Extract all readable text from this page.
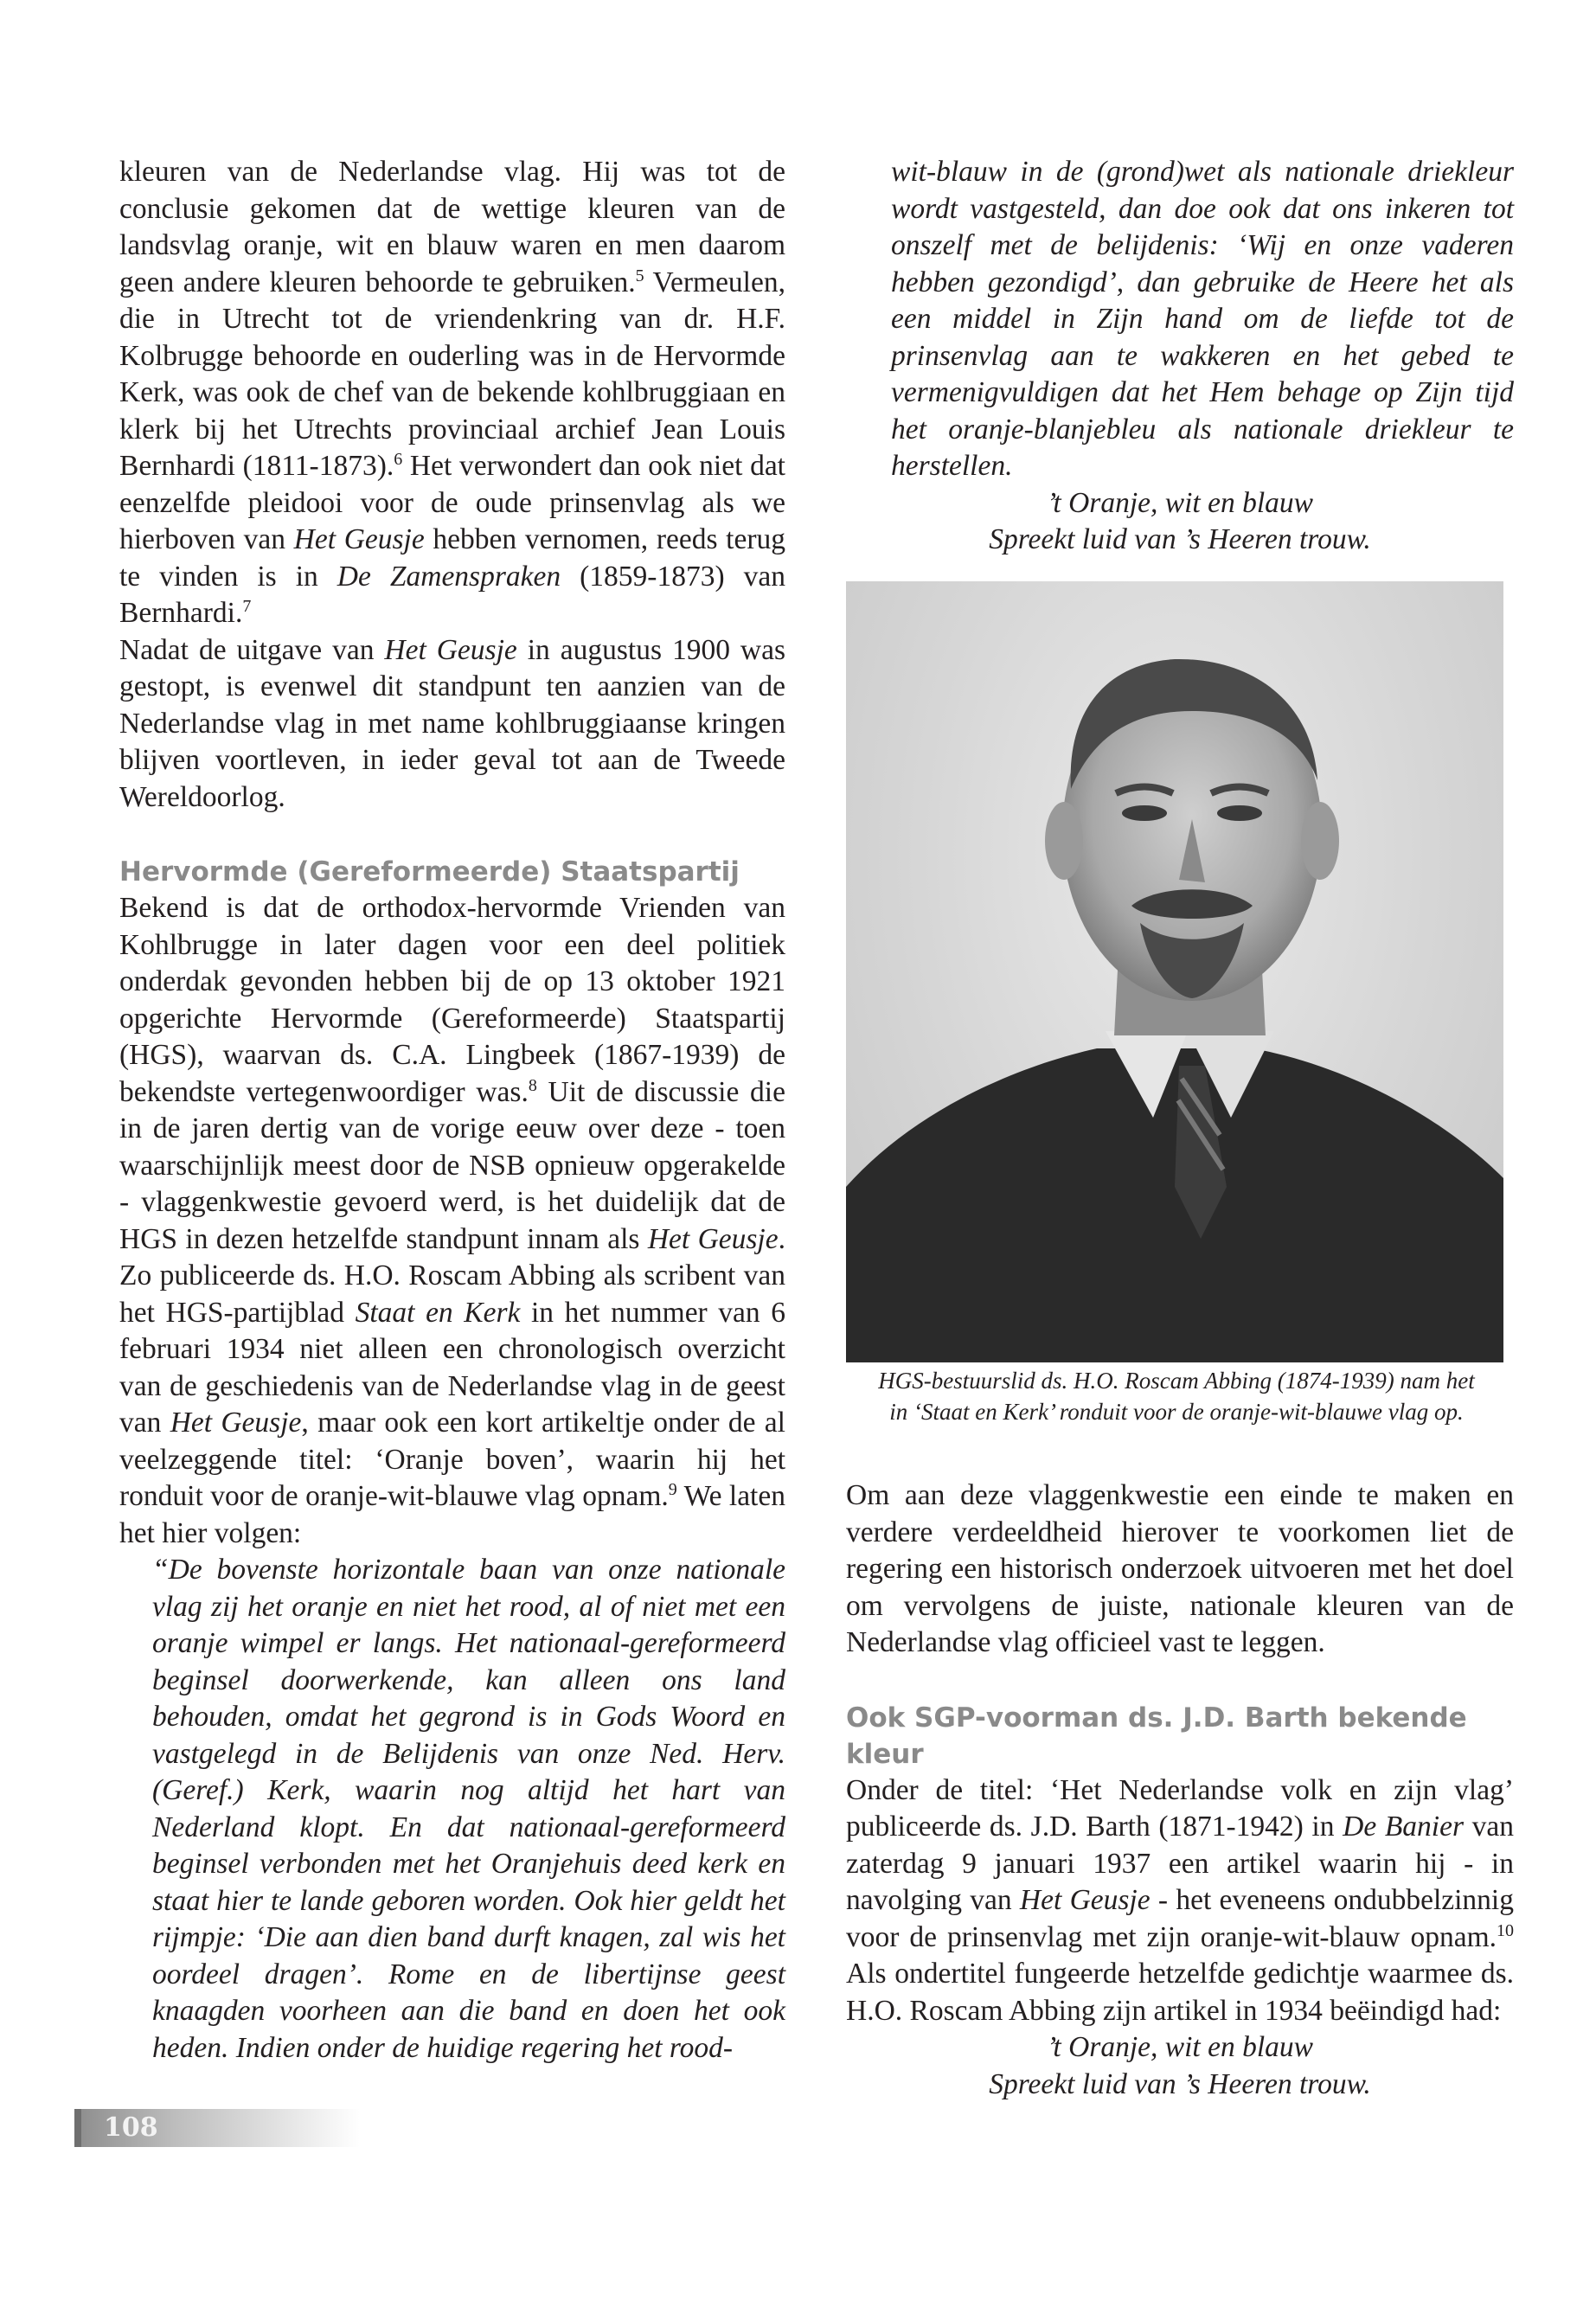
kleuren van de Nederlandse vlag. Hij was tot de conclusie gekomen dat de wettige kleuren van de landsvlag oranje, wit en blauw waren en men daarom geen andere kleuren behoorde te gebruiken.$^5$ Vermeulen, die in Utrecht tot de vriendenkring van dr. H.F. Kolbrugge behoorde en ouderling was in de Hervormde Kerk, was ook de chef van de bekende kohlbruggiaan en klerk bij het Utrechts provinciaal archief Jean Louis Bernhardi (1811-1873).$^6$ Het verwondert dan ook niet dat eenzelfde pleidooi voor de oude prinsenvlag als we hierboven van Het Geusje hebben vernomen, reeds terug te vinden is in De Zamenspraken (1859-1873) van Bernhardi.$^7$

Nadat de uitgave van Het Geusje in augustus 1900 was gestopt, is evenwel dit standpunt ten aanzien van de Nederlandse vlag in met name kohlbruggiaanse kringen blijven voortleven, in ieder geval tot aan de Tweede Wereldoorlog.

Hervormde (Gereformeerde) Staatspartij

Bekend is dat de orthodox-hervormde Vrienden van Kohlbrugge in later dagen voor een deel politiek onderdak gevonden hebben bij de op 13 oktober 1921 opgerichte Hervormde (Gereformeerde) Staatspartij (HGS), waarvan ds. C.A. Lingbeek (1867-1939) de bekendste vertegenwoordiger was.$^8$ Uit de discussie die in de jaren dertig van de vorige eeuw over deze - toen waarschijnlijk meest door de NSB opnieuw opgerakelde - vlaggenkwestie gevoerd werd, is het duidelijk dat de HGS in dezen hetzelfde standpunt innam als Het Geusje. Zo publiceerde ds. H.O. Roscam Abbing als scribent van het HGS-partijblad Staat en Kerk in het nummer van 6 februari 1934 niet alleen een chronologisch overzicht van de geschiedenis van de Nederlandse vlag in de geest van Het Geusje, maar ook een kort artikeltje onder de al veelzeggende titel: ‘Oranje boven’, waarin hij het ronduit voor de oranje-wit-blauwe vlag opnam.$^9$ We laten het hier volgen:

“De bovenste horizontale baan van onze nationale vlag zij het oranje en niet het rood, al of niet met een oranje wimpel er langs. Het nationaal-gereformeerd beginsel doorwerkende, kan alleen ons land behouden, omdat het gegrond is in Gods Woord en vastgelegd in de Belijdenis van onze Ned. Herv. (Geref.) Kerk, waarin nog altijd het hart van Nederland klopt. En dat nationaal-gereformeerd beginsel verbonden met het Oranjehuis deed kerk en staat hier te lande geboren worden. Ook hier geldt het rijmpje: ‘Die aan dien band durft knagen, zal wis het oordeel dragen’. Rome en de libertijnse geest knaagden voorheen aan die band en doen het ook heden. Indien onder de huidige regering het rood-

wit-blauw in de (grond)wet als nationale driekleur wordt vastgesteld, dan doe ook dat ons inkeren tot onszelf met de belijdenis: ‘Wij en onze vaderen hebben gezondigd’, dan gebruike de Heere het als een middel in Zijn hand om de liefde tot de prinsenvlag aan te wakkeren en het gebed te vermenigvuldigen dat het Hem behage op Zijn tijd het oranje-blanjebleu als nationale driekleur te herstellen.

’t Oranje, wit en blauw

Spreekt luid van ’s Heeren trouw.

HGS-bestuurslid ds. H.O. Roscam Abbing (1874-1939) nam het
in ‘Staat en Kerk’ ronduit voor de oranje-wit-blauwe vlag op.
Om aan deze vlaggenkwestie een einde te maken en verdere verdeeldheid hierover te voorkomen liet de regering een historisch onderzoek uitvoeren met het doel om vervolgens de juiste, nationale kleuren van de Nederlandse vlag officieel vast te leggen.
Ook SGP-voorman ds. J.D. Barth bekende kleur

Onder de titel: ‘Het Nederlandse volk en zijn vlag’ publiceerde ds. J.D. Barth (1871-1942) in De Banier van zaterdag 9 januari 1937 een artikel waarin hij - in navolging van Het Geusje - het eveneens ondubbelzinnig voor de prinsenvlag met zijn oranje-wit-blauw opnam.$^{10}$ Als ondertitel fungeerde hetzelfde gedichtje waarmee ds. H.O. Roscam Abbing zijn artikel in 1934 beëindigd had:

’t Oranje, wit en blauw

Spreekt luid van ’s Heeren trouw.

108
